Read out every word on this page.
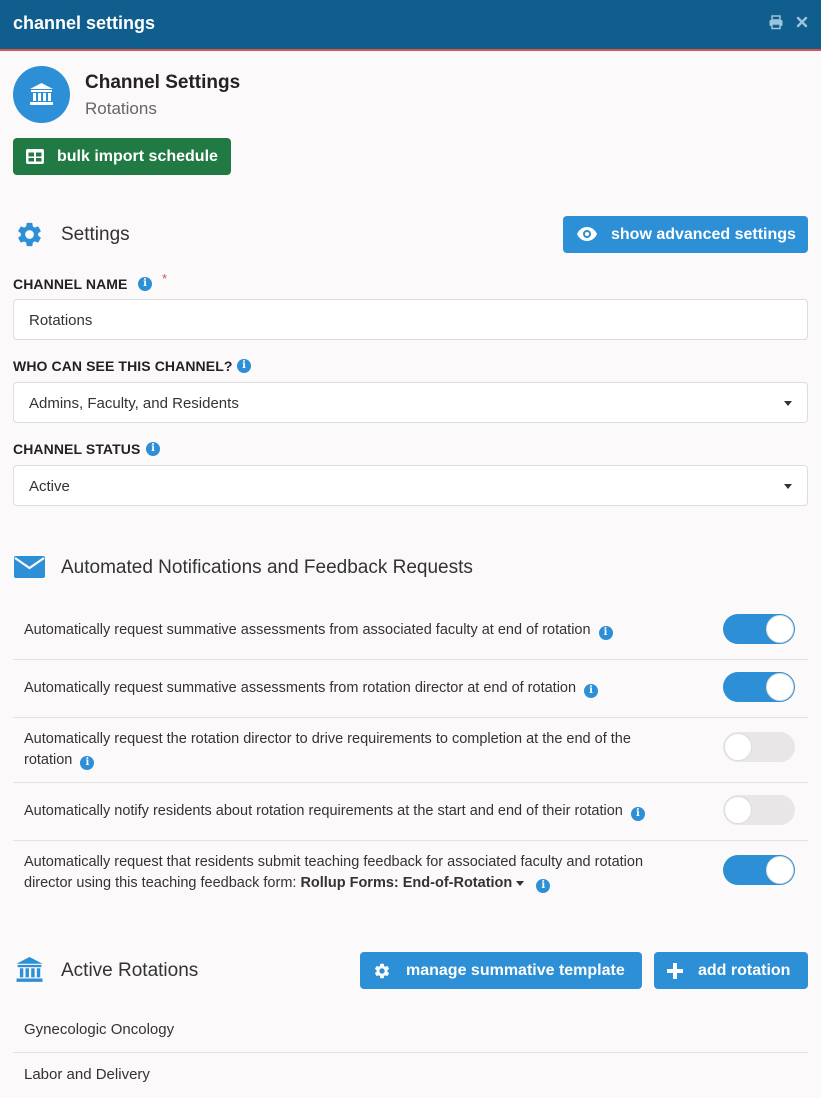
channel settings
Channel Settings
Rotations
bulk import schedule
Settings	show advanced settings
CHANNEL NAME	i	*
Rotations
WHO CAN SEE THIS CHANNEL? i
Admins, Faculty, and Residents
CHANNEL STATUS	i
Active
Automated Notifications and Feedback Requests
Automatically request summative assessments from associated faculty at end of rotation i
Automatically request summative assessments from rotation director at end of rotation i
Automatically request the rotation director to drive requirements to completion at the end of the
rotation i
Automatically notify residents about rotation requirements at the start and end of their rotation i
Automatically request that residents submit teaching feedback for associated faculty and rotation
director using this teaching feedback form: Rollup Forms: End-of-Rotation	i
Active Rotations	manage summative template	add rotation
Gynecologic Oncology
Labor and Delivery
